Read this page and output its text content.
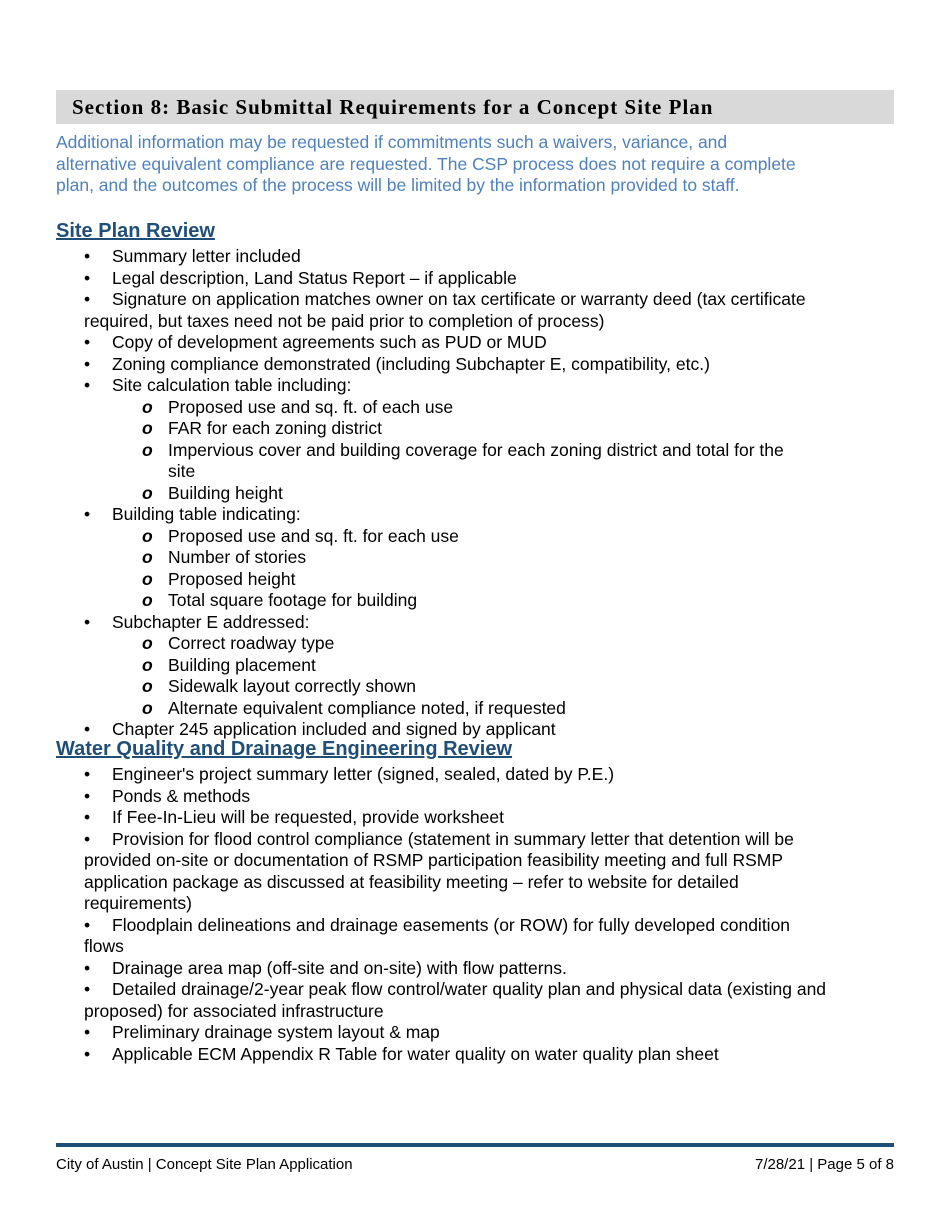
Section 8: Basic Submittal Requirements for a Concept Site Plan
Additional information may be requested if commitments such a waivers, variance, and
alternative equivalent compliance are requested. The CSP process does not require a complete
plan, and the outcomes of the process will be limited by the information provided to staff.
Site Plan Review
•	Summary letter included
•	Legal description, Land Status Report – if applicable
•	Signature on application matches owner on tax certificate or warranty deed (tax certificate
required, but taxes need not be paid prior to completion of process)
•	Copy of development agreements such as PUD or MUD
•	Zoning compliance demonstrated (including Subchapter E, compatibility, etc.)
•	Site calculation table including:
o Proposed use and sq. ft. of each use
o FAR for each zoning district
o Impervious cover and building coverage for each zoning district and total for the
site
o Building height
•	Building table indicating:
o Proposed use and sq. ft. for each use
o Number of stories
o Proposed height
o Total square footage for building
•	Subchapter E addressed:
o Correct roadway type
o Building placement
o Sidewalk layout correctly shown
o Alternate equivalent compliance noted, if requested
•	Chapter 245 application included and signed by applicant
Water Quality and Drainage Engineering Review
•	Engineer's project summary letter (signed, sealed, dated by P.E.)
•	Ponds & methods
•	If Fee-In-Lieu will be requested, provide worksheet
•	Provision for flood control compliance (statement in summary letter that detention will be
provided on-site or documentation of RSMP participation feasibility meeting and full RSMP
application package as discussed at feasibility meeting – refer to website for detailed
requirements)
•	Floodplain delineations and drainage easements (or ROW) for fully developed condition
flows
•	Drainage area map (off-site and on-site) with flow patterns.
•	Detailed drainage/2-year peak flow control/water quality plan and physical data (existing and
proposed) for associated infrastructure
•	Preliminary drainage system layout & map
•	Applicable ECM Appendix R Table for water quality on water quality plan sheet
City of Austin | Concept Site Plan Application	7/28/21 | Page 5 of 8
